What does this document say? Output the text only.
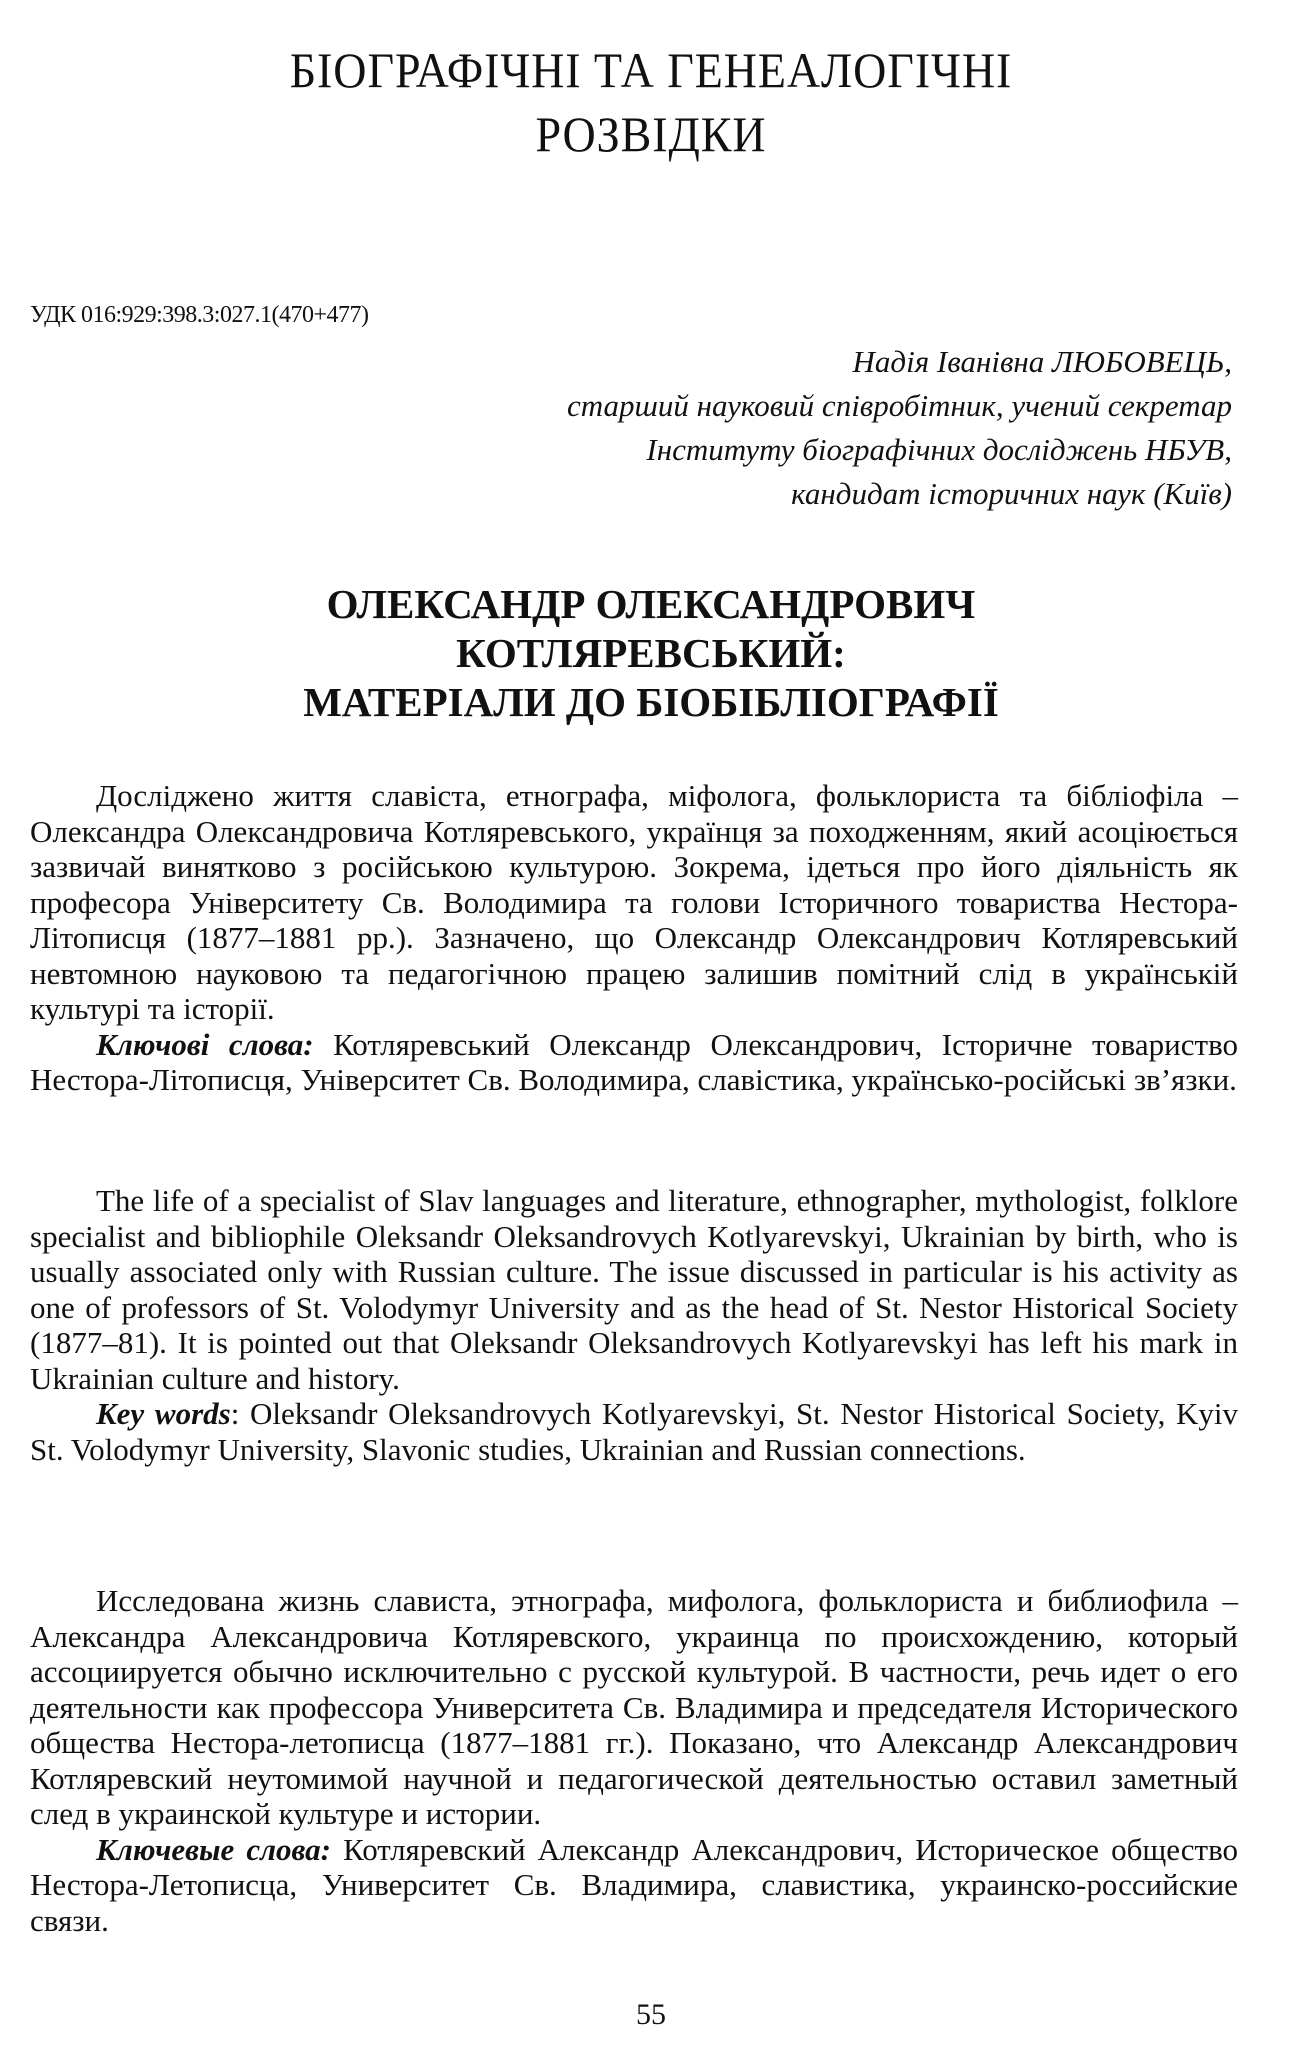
БІОГРАФІЧНІ ТА ГЕНЕАЛОГІЧНІ
РОЗВІДКИ

УДК 016:929:398.3:027.1(470+477)

Надія Іванівна ЛЮБОВЕЦЬ,
старший науковий співробітник, учений секретар
Інституту біографічних досліджень НБУВ,
кандидат історичних наук (Київ)
ОЛЕКСАНДР ОЛЕКСАНДРОВИЧ
КОТЛЯРЕВСЬКИЙ:
МАТЕРІАЛИ ДО БІОБІБЛІОГРАФІЇ

Досліджено життя славіста, етнографа, міфолога, фольклориста та бібліофіла – Олександра Олександровича Котляревського, українця за походженням, який асоціюється зазвичай винятково з російською культурою. Зокрема, ідеться про його діяльність як професора Університету Св. Володимира та голови Історичного товариства Нестора-Літописця (1877–1881 рр.). Зазначено, що Олександр Олександрович Котляревський невтомною науковою та педагогічною працею залишив помітний слід в українській культурі та історії.

Ключові слова: Котляревський Олександр Олександрович, Історичне товариство Нестора-Літописця, Університет Св. Володимира, славістика, українсько-російські зв’язки.

The life of a specialist of Slav languages and literature, ethnographer, mythologist, folklore specialist and bibliophile Oleksandr Oleksandrovych Kotlyarevskyi, Ukrainian by birth, who is usually associated only with Russian culture. The issue discussed in particular is his activity as one of professors of St. Volodymyr University and as the head of St. Nestor Historical Society (1877–81). It is pointed out that Oleksandr Oleksandrovych Kotlyarevskyi has left his mark in Ukrainian culture and history.

Key words: Oleksandr Oleksandrovych Kotlyarevskyi, St. Nestor Historical Society, Kyiv St. Volodymyr University, Slavonic studies, Ukrainian and Russian connections.

Исследована жизнь слависта, этнографа, мифолога, фольклориста и библиофила – Александра Александровича Котляревского, украинца по происхождению, который ассоциируется обычно исключительно с русской культурой. В частности, речь идет о его деятельности как профессора Университета Св. Владимира и председателя Исторического общества Нестора-летописца (1877–1881 гг.). Показано, что Александр Александрович Котляревский неутомимой научной и педагогической деятельностью оставил заметный след в украинской культуре и истории.

Ключевые слова: Котляревский Александр Александрович, Историческое общество Нестора-Летописца, Университет Св. Владимира, славистика, украинско-российские связи.

55
